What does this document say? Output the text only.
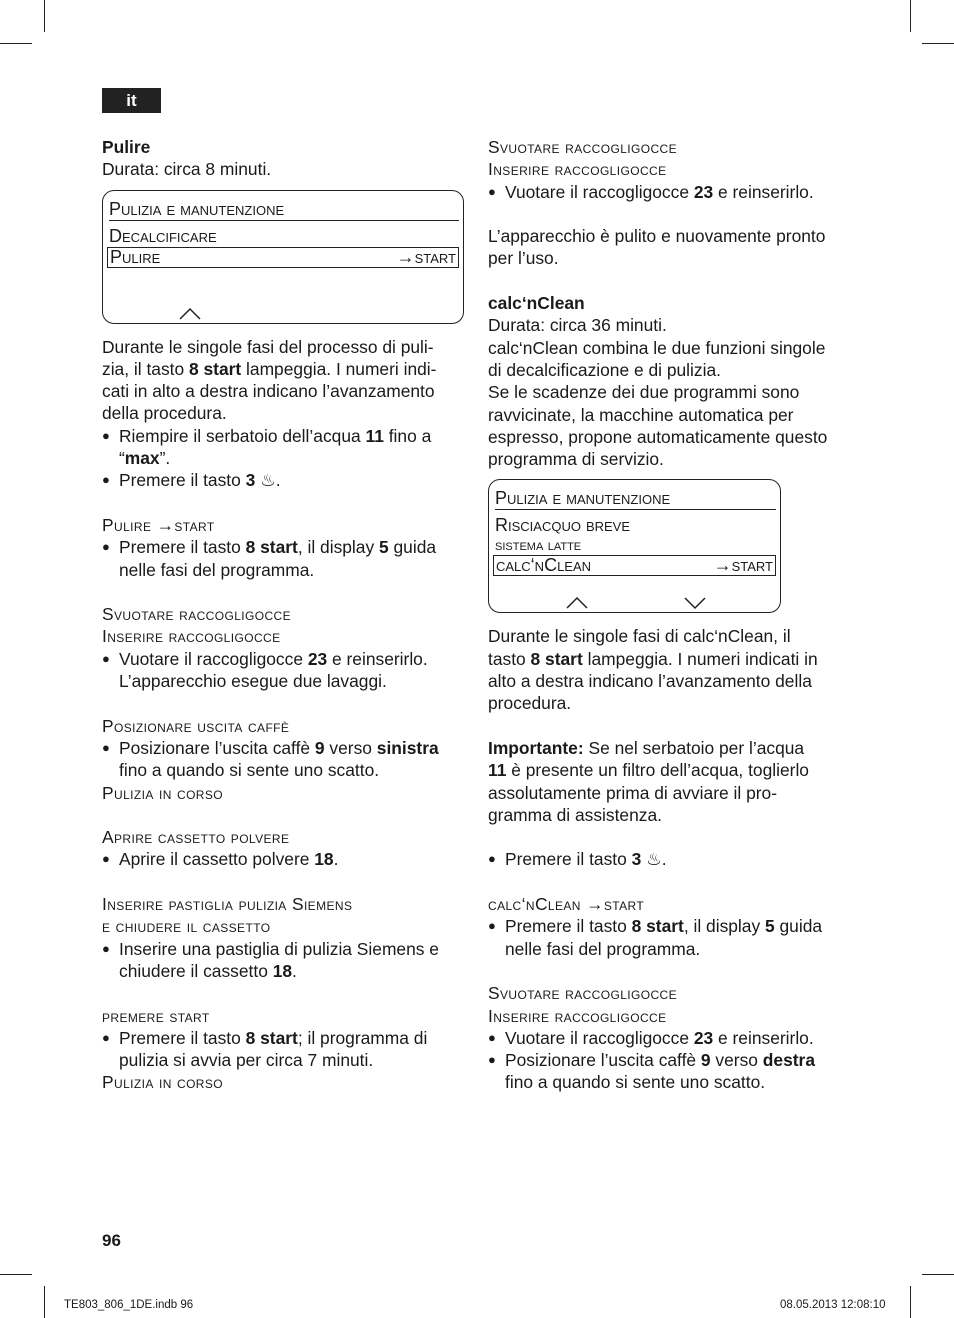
it

Pulire

Durata: circa 8 minuti.

Pulizia e manutenzione
Decalcificare
Pulire	→start

Durante le singole fasi del processo di puli-
zia, il tasto 8 start lampeggia. I numeri indi-
cati in alto a destra indicano l’avanzamento
della procedura.

● Riempire il serbatoio dell’acqua 11 fino a
“max”.

● Premere il tasto 3 ♨.

Pulire →start

● Premere il tasto 8 start, il display 5 guida
nelle fasi del programma.

Svuotare raccogligocce

Inserire raccogligocce

● Vuotare il raccogligocce 23 e reinserirlo.
L’apparecchio esegue due lavaggi.

Posizionare uscita caffè

● Posizionare l’uscita caffè 9 verso sinistra
fino a quando si sente uno scatto.

Pulizia in corso

Aprire cassetto polvere

● Aprire il cassetto polvere 18.

Inserire pastiglia pulizia Siemens

e chiudere il cassetto

● Inserire una pastiglia di pulizia Siemens e
chiudere il cassetto 18.

premere start

● Premere il tasto 8 start; il programma di
pulizia si avvia per circa 7 minuti.

Pulizia in corso

Svuotare raccogligocce

Inserire raccogligocce

● Vuotare il raccogligocce 23 e reinserirlo.

L’apparecchio è pulito e nuovamente pronto
per l’uso.

calc‘nClean

Durata: circa 36 minuti.

calc‘nClean combina le due funzioni singole
di decalcificazione e di pulizia.
Se le scadenze dei due programmi sono
ravvicinate, la macchine automatica per
espresso, propone automaticamente questo
programma di servizio.

Pulizia e manutenzione
Risciacquo breve
sistema latte
calc‘nClean	→start

Durante le singole fasi di calc‘nClean, il
tasto 8 start lampeggia. I numeri indicati in
alto a destra indicano l’avanzamento della
procedura.

Importante: Se nel serbatoio per l’acqua
11 è presente un filtro dell’acqua, toglierlo
assolutamente prima di avviare il pro-
gramma di assistenza.

● Premere il tasto 3 ♨.

calc‘nClean →start

● Premere il tasto 8 start, il display 5 guida
nelle fasi del programma.

Svuotare raccogligocce

Inserire raccogligocce

● Vuotare il raccogligocce 23 e reinserirlo.

● Posizionare l’uscita caffè 9 verso destra
fino a quando si sente uno scatto.

96
TE803_806_1DE.indb 96	08.05.2013 12:08:10
